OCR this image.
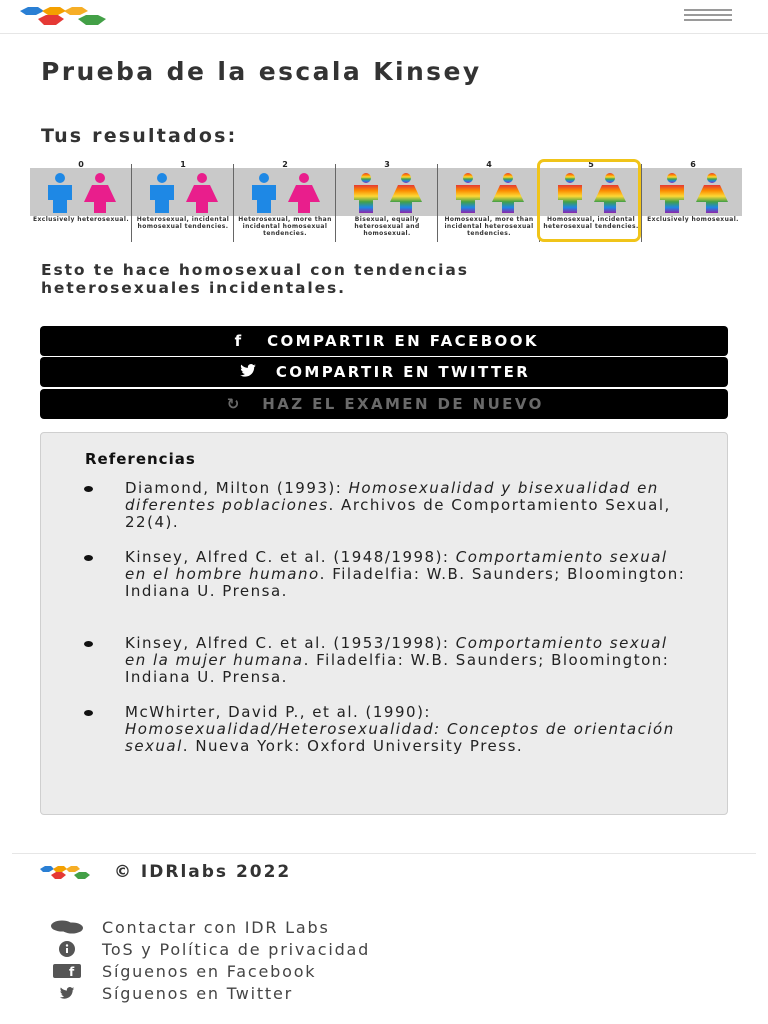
Prueba de la escala Kinsey
Tus resultados:
0
Exclusively heterosexual.
1
Heterosexual, incidental homosexual tendencies.
2
Heterosexual, more than incidental homosexual tendencies.
3
Bisexual, equally heterosexual and homosexual.
4
Homosexual, more than incidental heterosexual tendencies.
5
Homosexual, incidental heterosexual tendencies.
6
Exclusively homosexual.
Esto te hace homosexual con tendencias heterosexuales incidentales.
f	COMPARTIR EN FACEBOOK
COMPARTIR EN TWITTER
↻ HAZ EL EXAMEN DE NUEVO
Referencias
Diamond, Milton (1993): Homosexualidad y bisexualidad en diferentes poblaciones. Archivos de Comportamiento Sexual, 22(4).
Kinsey, Alfred C. et al. (1948/1998): Comportamiento sexual en el hombre humano. Filadelfia: W.B. Saunders; Bloomington: Indiana U. Prensa.
Kinsey, Alfred C. et al. (1953/1998): Comportamiento sexual en la mujer humana. Filadelfia: W.B. Saunders; Bloomington: Indiana U. Prensa.
McWhirter, David P., et al. (1990): Homosexualidad/Heterosexualidad: Conceptos de orientación sexual. Nueva York: Oxford University Press.
© IDRlabs 2022
Contactar con IDR Labs
ToS y Política de privacidad
f Síguenos en Facebook
Síguenos en Twitter
